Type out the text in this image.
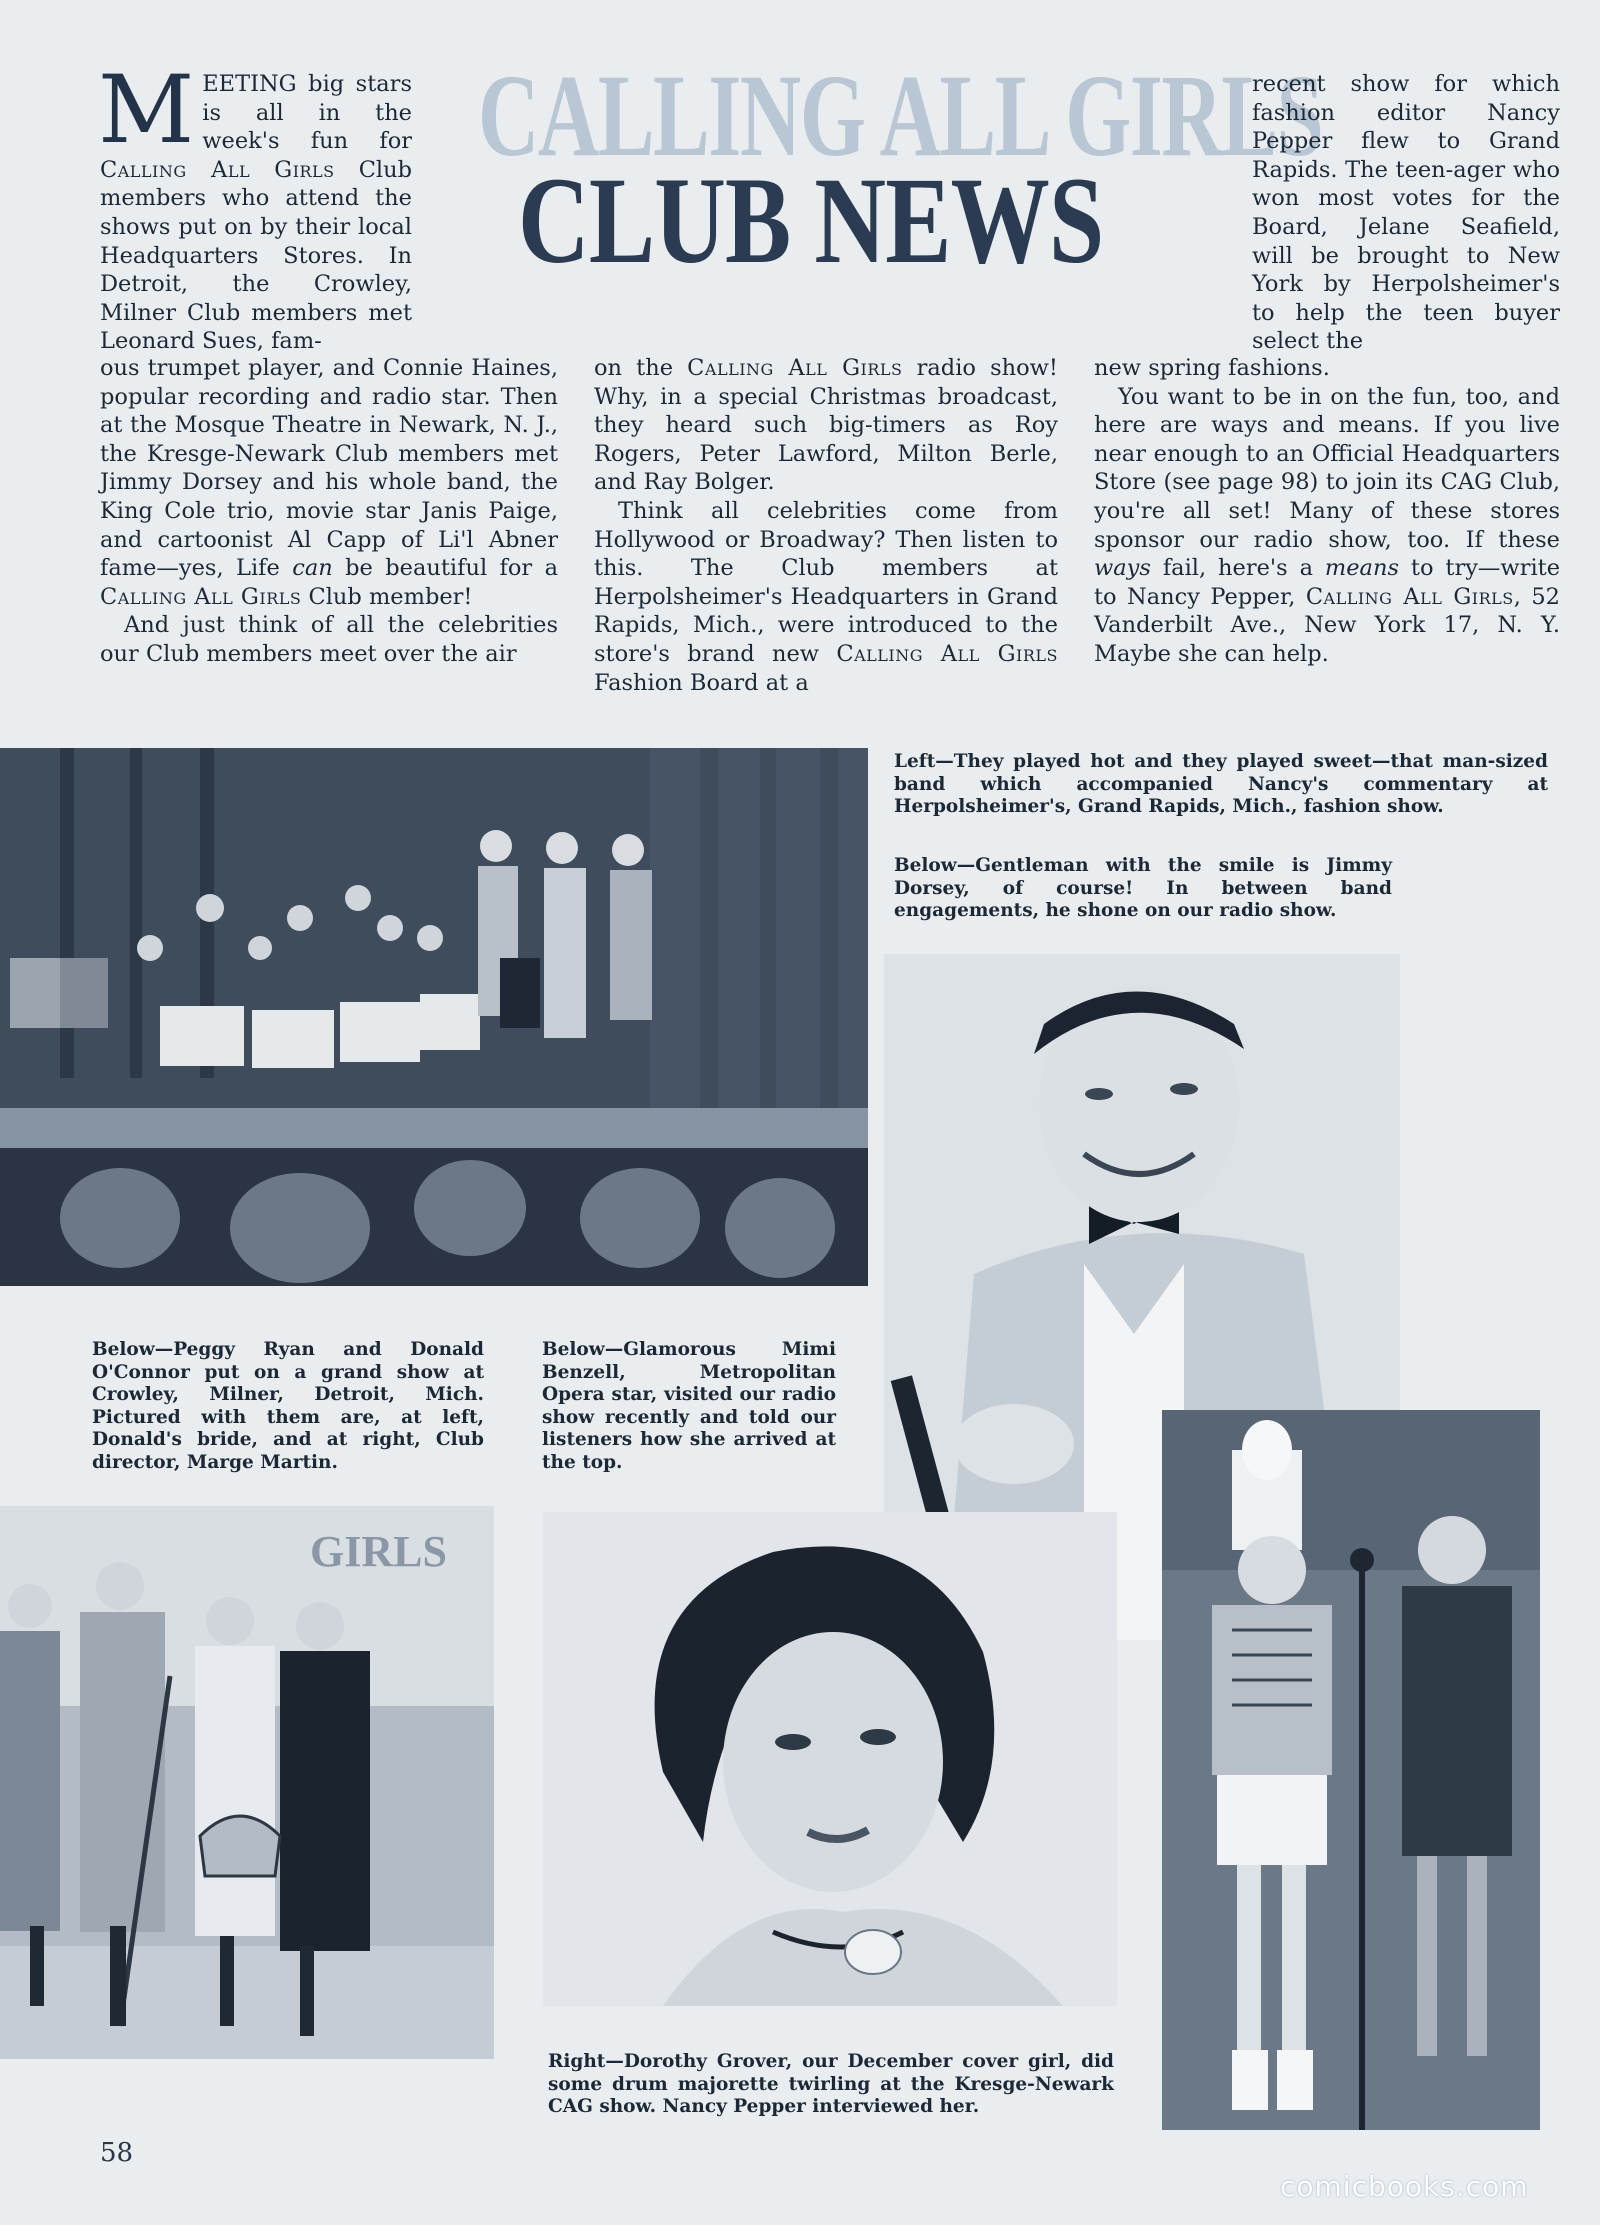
CALLING ALL GIRLS
CLUB NEWS

MEETING big stars is all in the week's fun for Calling All Girls Club members who attend the shows put on by their local Headquarters Stores. In Detroit, the Crowley, Milner Club members met Leonard Sues, fam-

ous trumpet player, and Connie Haines, popular recording and radio star. Then at the Mosque Theatre in Newark, N. J., the Kresge-Newark Club members met Jimmy Dorsey and his whole band, the King Cole trio, movie star Janis Paige, and cartoonist Al Capp of Li'l Abner fame—yes, Life can be beautiful for a Calling All Girls Club member!

And just think of all the celebrities our Club members meet over the air

on the Calling All Girls radio show! Why, in a special Christmas broadcast, they heard such big-timers as Roy Rogers, Peter Lawford, Milton Berle, and Ray Bolger.

Think all celebrities come from Hollywood or Broadway? Then listen to this. The Club members at Herpolsheimer's Headquarters in Grand Rapids, Mich., were introduced to the store's brand new Calling All Girls Fashion Board at a

recent show for which fashion editor Nancy Pepper flew to Grand Rapids. The teen-ager who won most votes for the Board, Jelane Seafield, will be brought to New York by Herpolsheimer's to help the teen buyer select the

new spring fashions.

You want to be in on the fun, too, and here are ways and means. If you live near enough to an Official Headquarters Store (see page 98) to join its CAG Club, you're all set! Many of these stores sponsor our radio show, too. If these ways fail, here's a means to try—write to Nancy Pepper, Calling All Girls, 52 Vanderbilt Ave., New York 17, N. Y. Maybe she can help.

Left—They played hot and they played sweet—that man-sized band which accompanied Nancy's commentary at Herpolsheimer's, Grand Rapids, Mich., fashion show.
Below—Gentleman with the smile is Jimmy Dorsey, of course! In between band engagements, he shone on our radio show.
Below—Peggy Ryan and Donald O'Connor put on a grand show at Crowley, Milner, Detroit, Mich. Pictured with them are, at left, Donald's bride, and at right, Club director, Marge Martin.
Below—Glamorous Mimi Benzell, Metropolitan Opera star, visited our radio show recently and told our listeners how she arrived at the top.
GIRLS
Right—Dorothy Grover, our December cover girl, did some drum majorette twirling at the Kresge-Newark CAG show. Nancy Pepper interviewed her.
58
comicbooks.com
